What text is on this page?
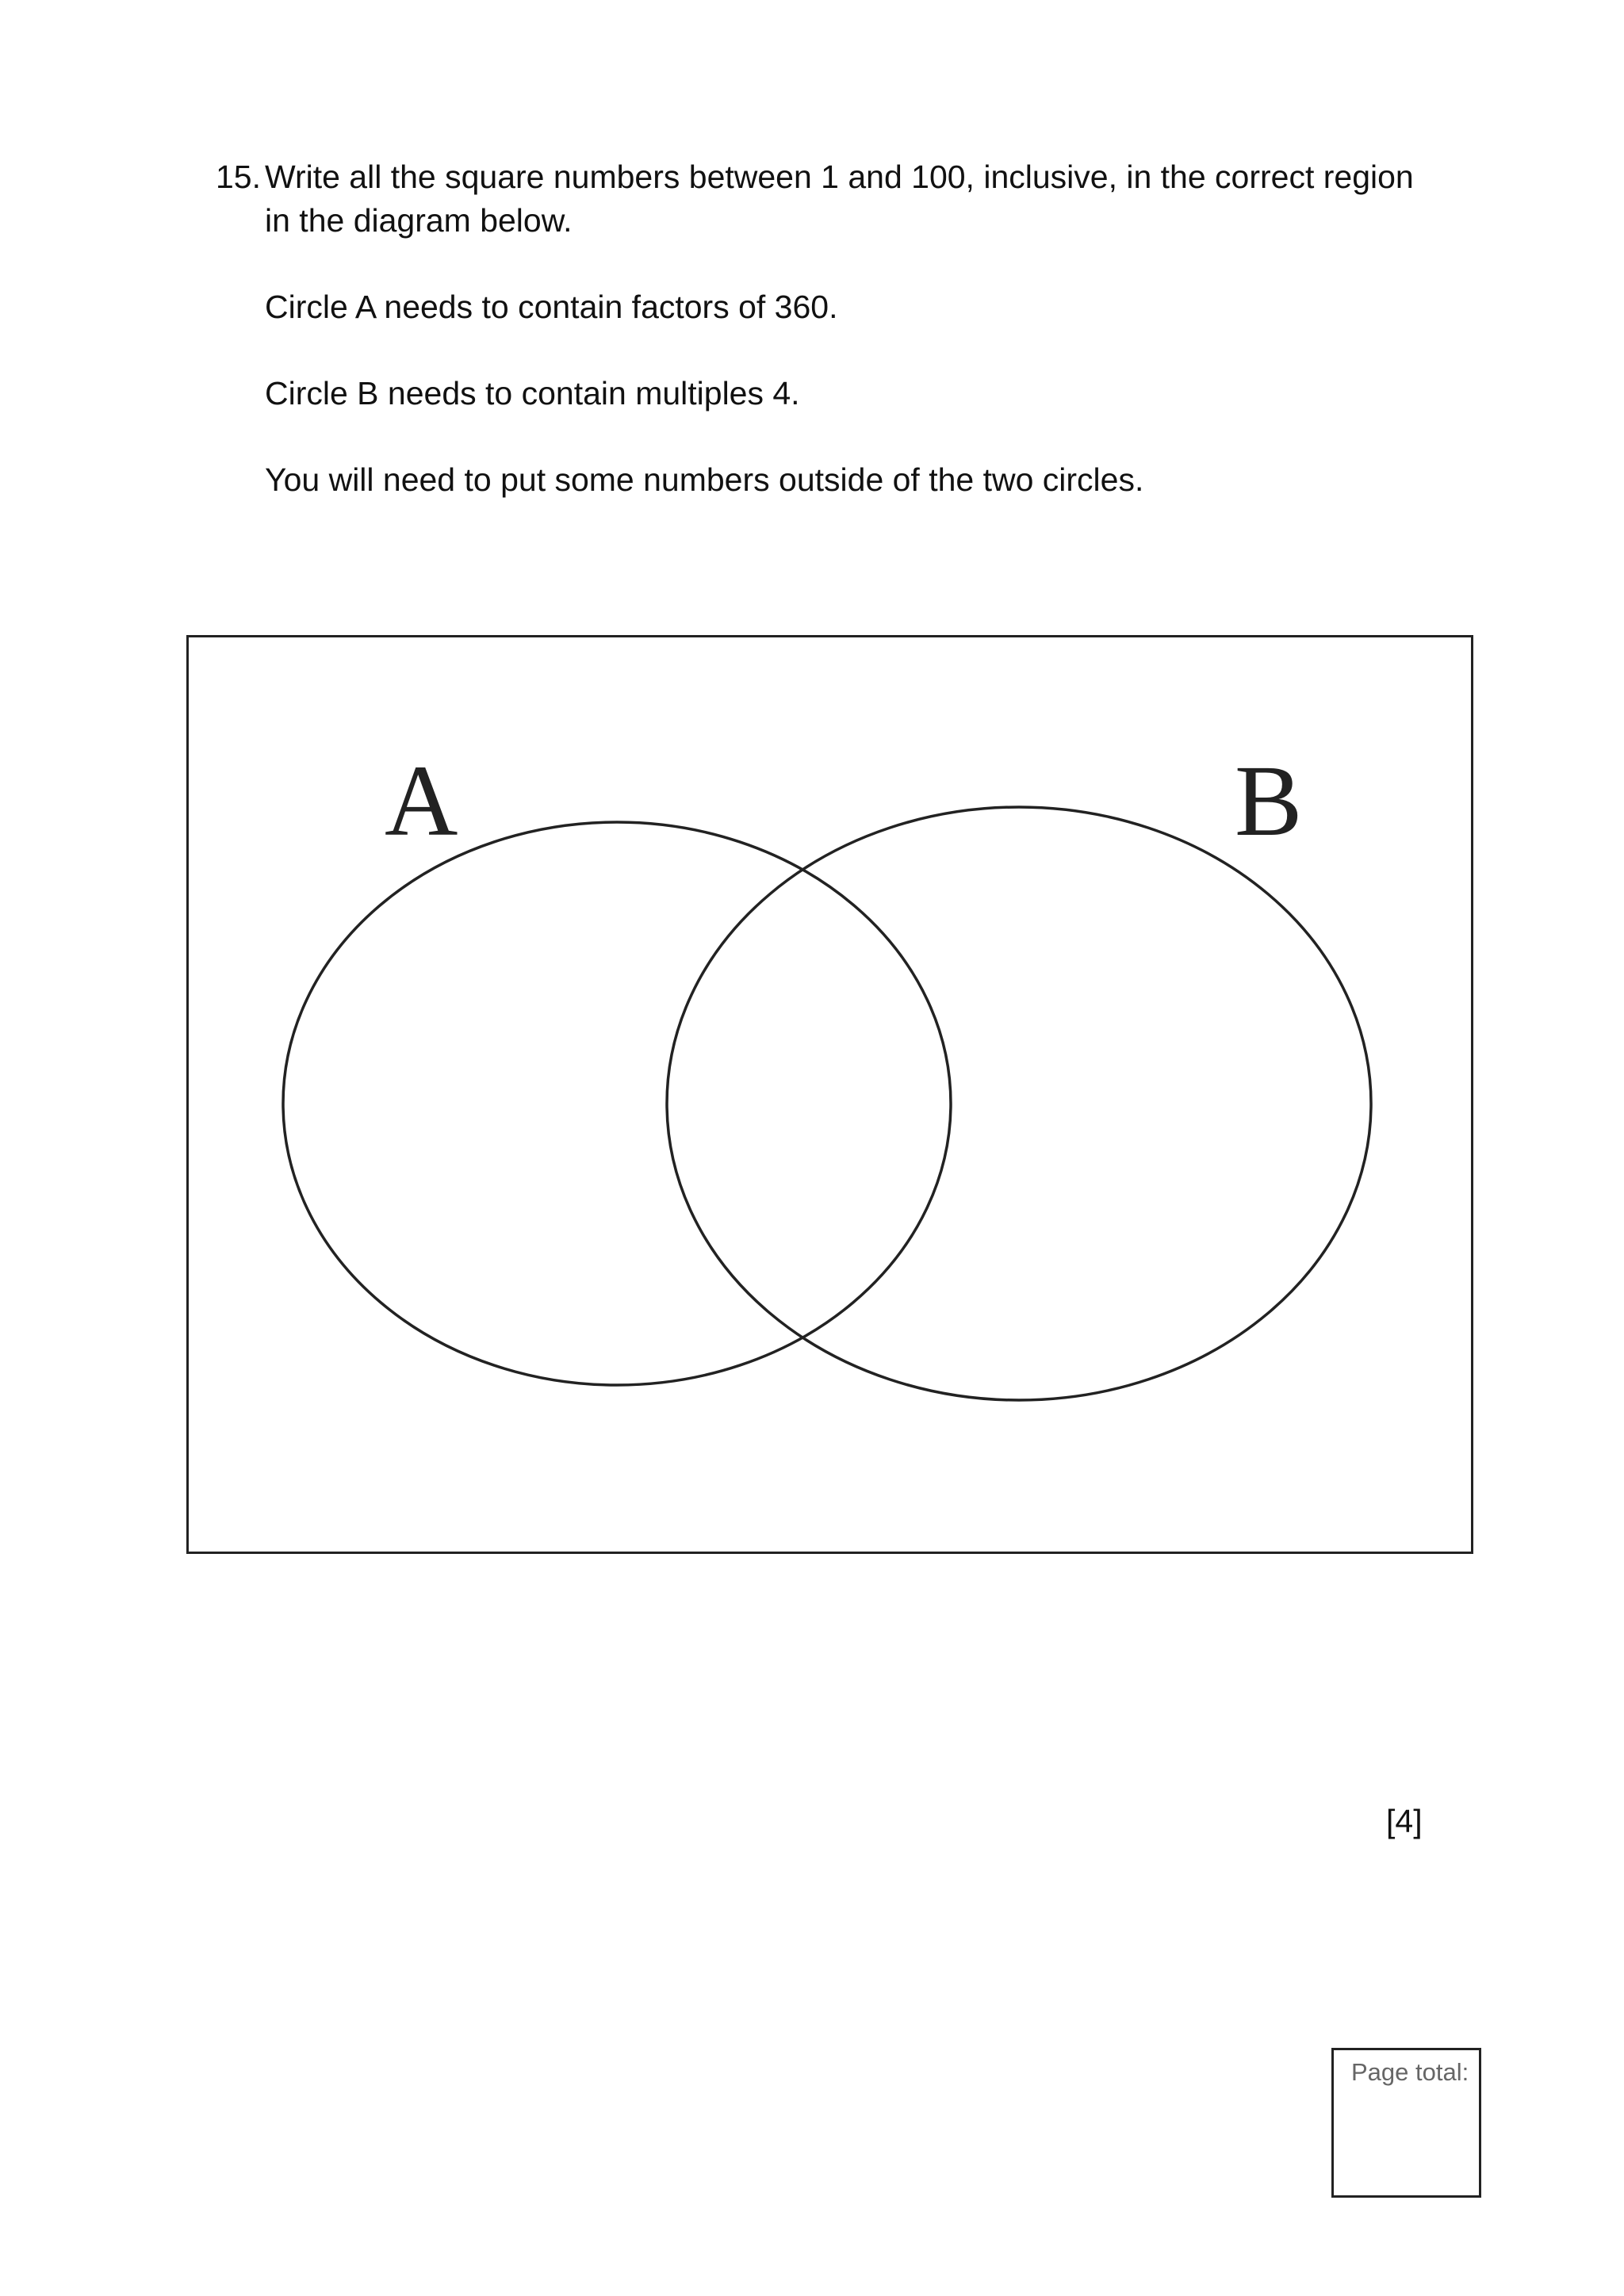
15. Write all the square numbers between 1 and 100, inclusive, in the correct region
in the diagram below.
Circle A needs to contain factors of 360.
Circle B needs to contain multiples 4.
You will need to put some numbers outside of the two circles.
A	B
[4]
Page total:
